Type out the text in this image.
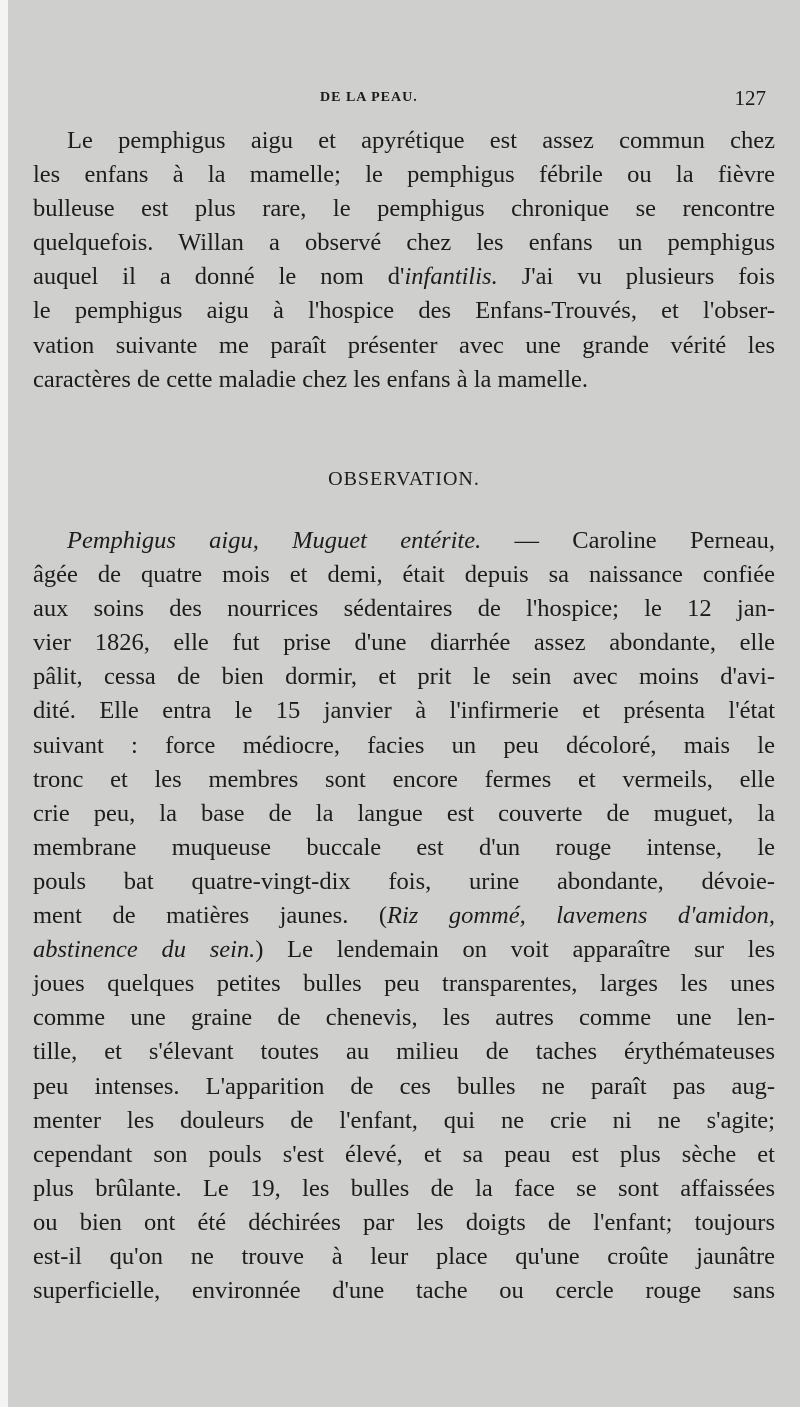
DE LA PEAU.	127
Le pemphigus aigu et apyrétique est assez commun chez
les enfans à la mamelle; le pemphigus fébrile ou la fièvre
bulleuse est plus rare, le pemphigus chronique se rencontre
quelquefois. Willan a observé chez les enfans un pemphigus
auquel il a donné le nom d'infantilis. J'ai vu plusieurs fois
le pemphigus aigu à l'hospice des Enfans-Trouvés, et l'obser-
vation suivante me paraît présenter avec une grande vérité les
caractères de cette maladie chez les enfans à la mamelle.
OBSERVATION.
Pemphigus aigu, Muguet entérite. — Caroline Perneau,
âgée de quatre mois et demi, était depuis sa naissance confiée
aux soins des nourrices sédentaires de l'hospice; le 12 jan-
vier 1826, elle fut prise d'une diarrhée assez abondante, elle
pâlit, cessa de bien dormir, et prit le sein avec moins d'avi-
dité. Elle entra le 15 janvier à l'infirmerie et présenta l'état
suivant : force médiocre, facies un peu décoloré, mais le
tronc et les membres sont encore fermes et vermeils, elle
crie peu, la base de la langue est couverte de muguet, la
membrane muqueuse buccale est d'un rouge intense, le
pouls bat quatre-vingt-dix fois, urine abondante, dévoie-
ment de matières jaunes. (Riz gommé, lavemens d'amidon,
abstinence du sein.) Le lendemain on voit apparaître sur les
joues quelques petites bulles peu transparentes, larges les unes
comme une graine de chenevis, les autres comme une len-
tille, et s'élevant toutes au milieu de taches érythémateuses
peu intenses. L'apparition de ces bulles ne paraît pas aug-
menter les douleurs de l'enfant, qui ne crie ni ne s'agite;
cependant son pouls s'est élevé, et sa peau est plus sèche et
plus brûlante. Le 19, les bulles de la face se sont affaissées
ou bien ont été déchirées par les doigts de l'enfant; toujours
est-il qu'on ne trouve à leur place qu'une croûte jaunâtre
superficielle, environnée d'une tache ou cercle rouge sans
